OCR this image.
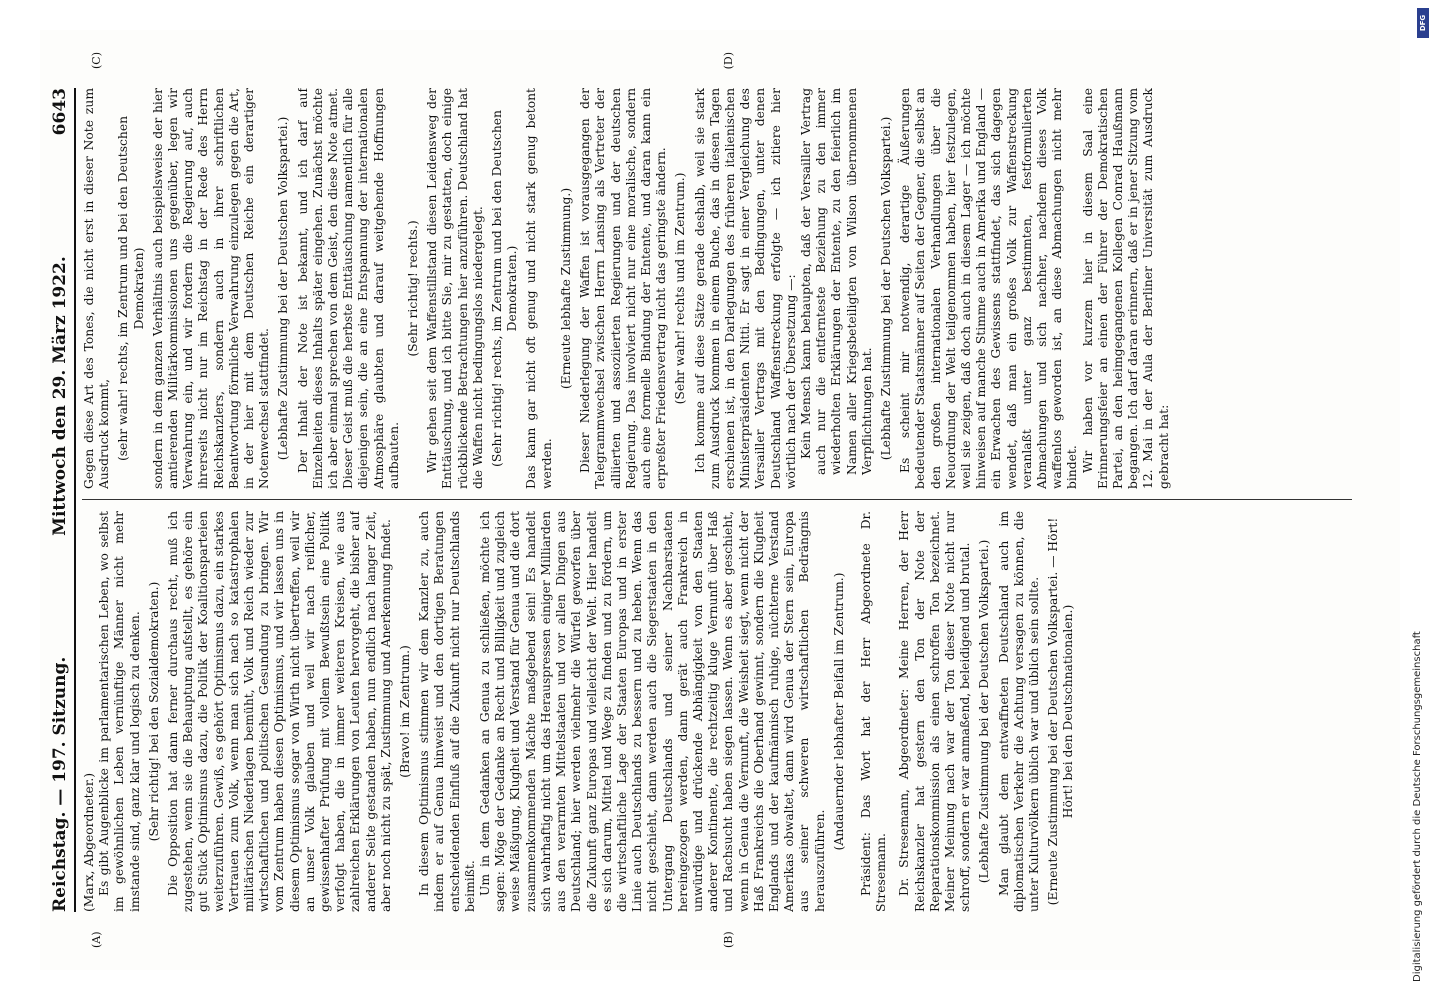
Reichstag. — 197. Sitzung.
Mittwoch den 29. März 1922.
6643
(A)	(B)
(C)	(D)

(Marx, Abgeordneter.) Es gibt Augenblicke im parlamentarischen Leben, wo selbst im gewöhnlichen Leben vernünftige Männer nicht mehr imstande sind, ganz klar und logisch zu denken. (Sehr richtig! bei den Sozialdemokraten.) Die Opposition hat dann ferner durchaus recht, muß ich zugestehen, wenn sie die Behauptung aufstellt, es gehöre ein gut Stück Optimismus dazu, die Politik der Koalitionsparteien weiterzuführen. Gewiß, es gehört Optimismus dazu, ein starkes Vertrauen zum Volk, wenn man sich nach so katastrophalen militärischen Niederlagen bemüht, Volk und Reich wieder zur wirtschaftlichen und politischen Gesundung zu bringen. Wir vom Zentrum haben diesen Optimismus, und wir lassen uns in diesem Optimismus sogar von Wirth nicht übertreffen, weil wir an unser Volk glauben und weil wir nach reiflicher, gewissenhafter Prüfung mit vollem Bewußtsein eine Politik verfolgt haben, die in immer weiteren Kreisen, wie aus zahlreichen Erklärungen von Leuten hervorgeht, die bisher auf anderer Seite gestanden haben, nun endlich nach langer Zeit, aber noch nicht zu spät, Zustimmung und Anerkennung findet. (Bravo! im Zentrum.) In diesem Optimismus stimmen wir dem Kanzler zu, auch indem er auf Genua hinweist und den dortigen Beratungen entscheidenden Einfluß auf die Zukunft nicht nur Deutschlands beimißt. Um in dem Gedanken an Genua zu schließen, möchte ich sagen: Möge der Gedanke an Recht und Billigkeit und zugleich weise Mäßigung, Klugheit und Verstand für Genua und die dort zusammenkommenden Mächte maßgebend sein! Es handelt sich wahrhaftig nicht um das Herauspressen einiger Milliarden aus den verarmten Mittelstaaten und vor allen Dingen aus Deutschland; hier werden vielmehr die Würfel geworfen über die Zukunft ganz Europas und vielleicht der Welt. Hier handelt es sich darum, Mittel und Wege zu finden und zu fördern, um die wirtschaftliche Lage der Staaten Europas und in erster Linie auch Deutschlands zu bessern und zu heben. Wenn das nicht geschieht, dann werden auch die Siegerstaaten in den Untergang Deutschlands und seiner Nachbarstaaten hereingezogen werden, dann gerät auch Frankreich in unwürdige und drückende Abhängigkeit von den Staaten anderer Kontinente, die rechtzeitig kluge Vernunft über Haß und Rachsucht haben siegen lassen. Wenn es aber geschieht, wenn in Genua die Vernunft, die Weisheit siegt, wenn nicht der Haß Frankreichs die Oberhand gewinnt, sondern die Klugheit Englands und der kaufmännisch ruhige, nüchterne Verstand Amerikas obwaltet, dann wird Genua der Stern sein, Europa aus seiner schweren wirtschaftlichen Bedrängnis herauszuführen.

(Andauernder lebhafter Beifall im Zentrum.) Präsident: Das Wort hat der Herr Abgeordnete Dr. Stresemann. Dr. Stresemann, Abgeordneter: Meine Herren, der Herr Reichskanzler hat gestern den Ton der Note der Reparationskommission als einen schroffen Ton bezeichnet. Meiner Meinung nach war der Ton dieser Note nicht nur schroff, sondern er war anmaßend, beleidigend und brutal. (Lebhafte Zustimmung bei der Deutschen Volkspartei.) Man glaubt dem entwaffneten Deutschland auch im diplomatischen Verkehr die Achtung versagen zu können, die unter Kulturvölkern üblich war und üblich sein sollte. (Erneute Zustimmung bei der Deutschen Volkspartei. — Hört! Hört! bei den Deutschnationalen.)

Gegen diese Art des Tones, die nicht erst in dieser Note zum Ausdruck kommt, (sehr wahr! rechts, im Zentrum und bei den Deutschen Demokraten) sondern in dem ganzen Verhältnis auch beispielsweise der hier amtierenden Militärkommissionen uns gegenüber, legen wir Verwahrung ein, und wir fordern die Regierung auf, auch ihrerseits nicht nur im Reichstag in der Rede des Herrn Reichskanzlers, sondern auch in ihrer schriftlichen Beantwortung förmliche Verwahrung einzulegen gegen die Art, in der hier mit dem Deutschen Reiche ein derartiger Notenwechsel stattfindet. (Lebhafte Zustimmung bei der Deutschen Volkspartei.) Der Inhalt der Note ist bekannt, und ich darf auf Einzelheiten dieses Inhalts später eingehen. Zunächst möchte ich aber einmal sprechen von dem Geist, den diese Note atmet. Dieser Geist muß die herbste Enttäuschung namentlich für alle diejenigen sein, die an eine Entspannung der internationalen Atmosphäre glaubten und darauf weitgehende Hoffnungen aufbauten.

(Sehr richtig! rechts.) Wir gehen seit dem Waffenstillstand diesen Leidensweg der Enttäuschung, und ich bitte Sie, mir zu gestatten, doch einige rückblickende Betrachtungen hier anzuführen. Deutschland hat die Waffen nicht bedingungslos niedergelegt. (Sehr richtig! rechts, im Zentrum und bei den Deutschen Demokraten.) Das kann gar nicht oft genug und nicht stark genug betont werden.

(Erneute lebhafte Zustimmung.) Dieser Niederlegung der Waffen ist vorausgegangen der Telegrammwechsel zwischen Herrn Lansing als Vertreter der alliierten und assoziierten Regierungen und der deutschen Regierung. Das involviert nicht nur eine moralische, sondern auch eine formelle Bindung der Entente, und daran kann ein erpreßter Friedensvertrag nicht das geringste ändern. (Sehr wahr! rechts und im Zentrum.) Ich komme auf diese Sätze gerade deshalb, weil sie stark zum Ausdruck kommen in einem Buche, das in diesen Tagen erschienen ist, in den Darlegungen des früheren italienischen Ministerpräsidenten Nitti. Er sagt in einer Vergleichung des Versailler Vertrags mit den Bedingungen, unter denen Deutschland Waffenstreckung erfolgte — ich zitiere hier wörtlich nach der Übersetzung —: Kein Mensch kann behaupten, daß der Versailler Vertrag auch nur die entfernteste Beziehung zu den immer wiederholten Erklärungen der Entente, zu den feierlich im Namen aller Kriegsbeteiligten von Wilson übernommenen Verpflichtungen hat. (Lebhafte Zustimmung bei der Deutschen Volkspartei.) Es scheint mir notwendig, derartige Äußerungen bedeutender Staatsmänner auf Seiten der Gegner, die selbst an den großen internationalen Verhandlungen über die Neuordnung der Welt teilgenommen haben, hier festzulegen, weil sie zeigen, daß doch auch in diesem Lager — ich möchte hinweisen auf manche Stimme auch in Amerika und England — ein Erwachen des Gewissens stattfindet, das sich dagegen wendet, daß man ein großes Volk zur Waffenstreckung veranlaßt unter ganz bestimmten, festformulierten Abmachungen und sich nachher, nachdem dieses Volk waffenlos geworden ist, an diese Abmachungen nicht mehr bindet. Wir haben vor kurzem hier in diesem Saal eine Erinnerungsfeier an einen der Führer der Demokratischen Partei, an den heimgegangenen Kollegen Conrad Haußmann begangen. Ich darf daran erinnern, daß er in jener Sitzung vom 12. Mai in der Aula der Berliner Universität zum Ausdruck gebracht hat:

Digitalisierung gefördert durch die Deutsche Forschungsgemeinschaft
DFG
